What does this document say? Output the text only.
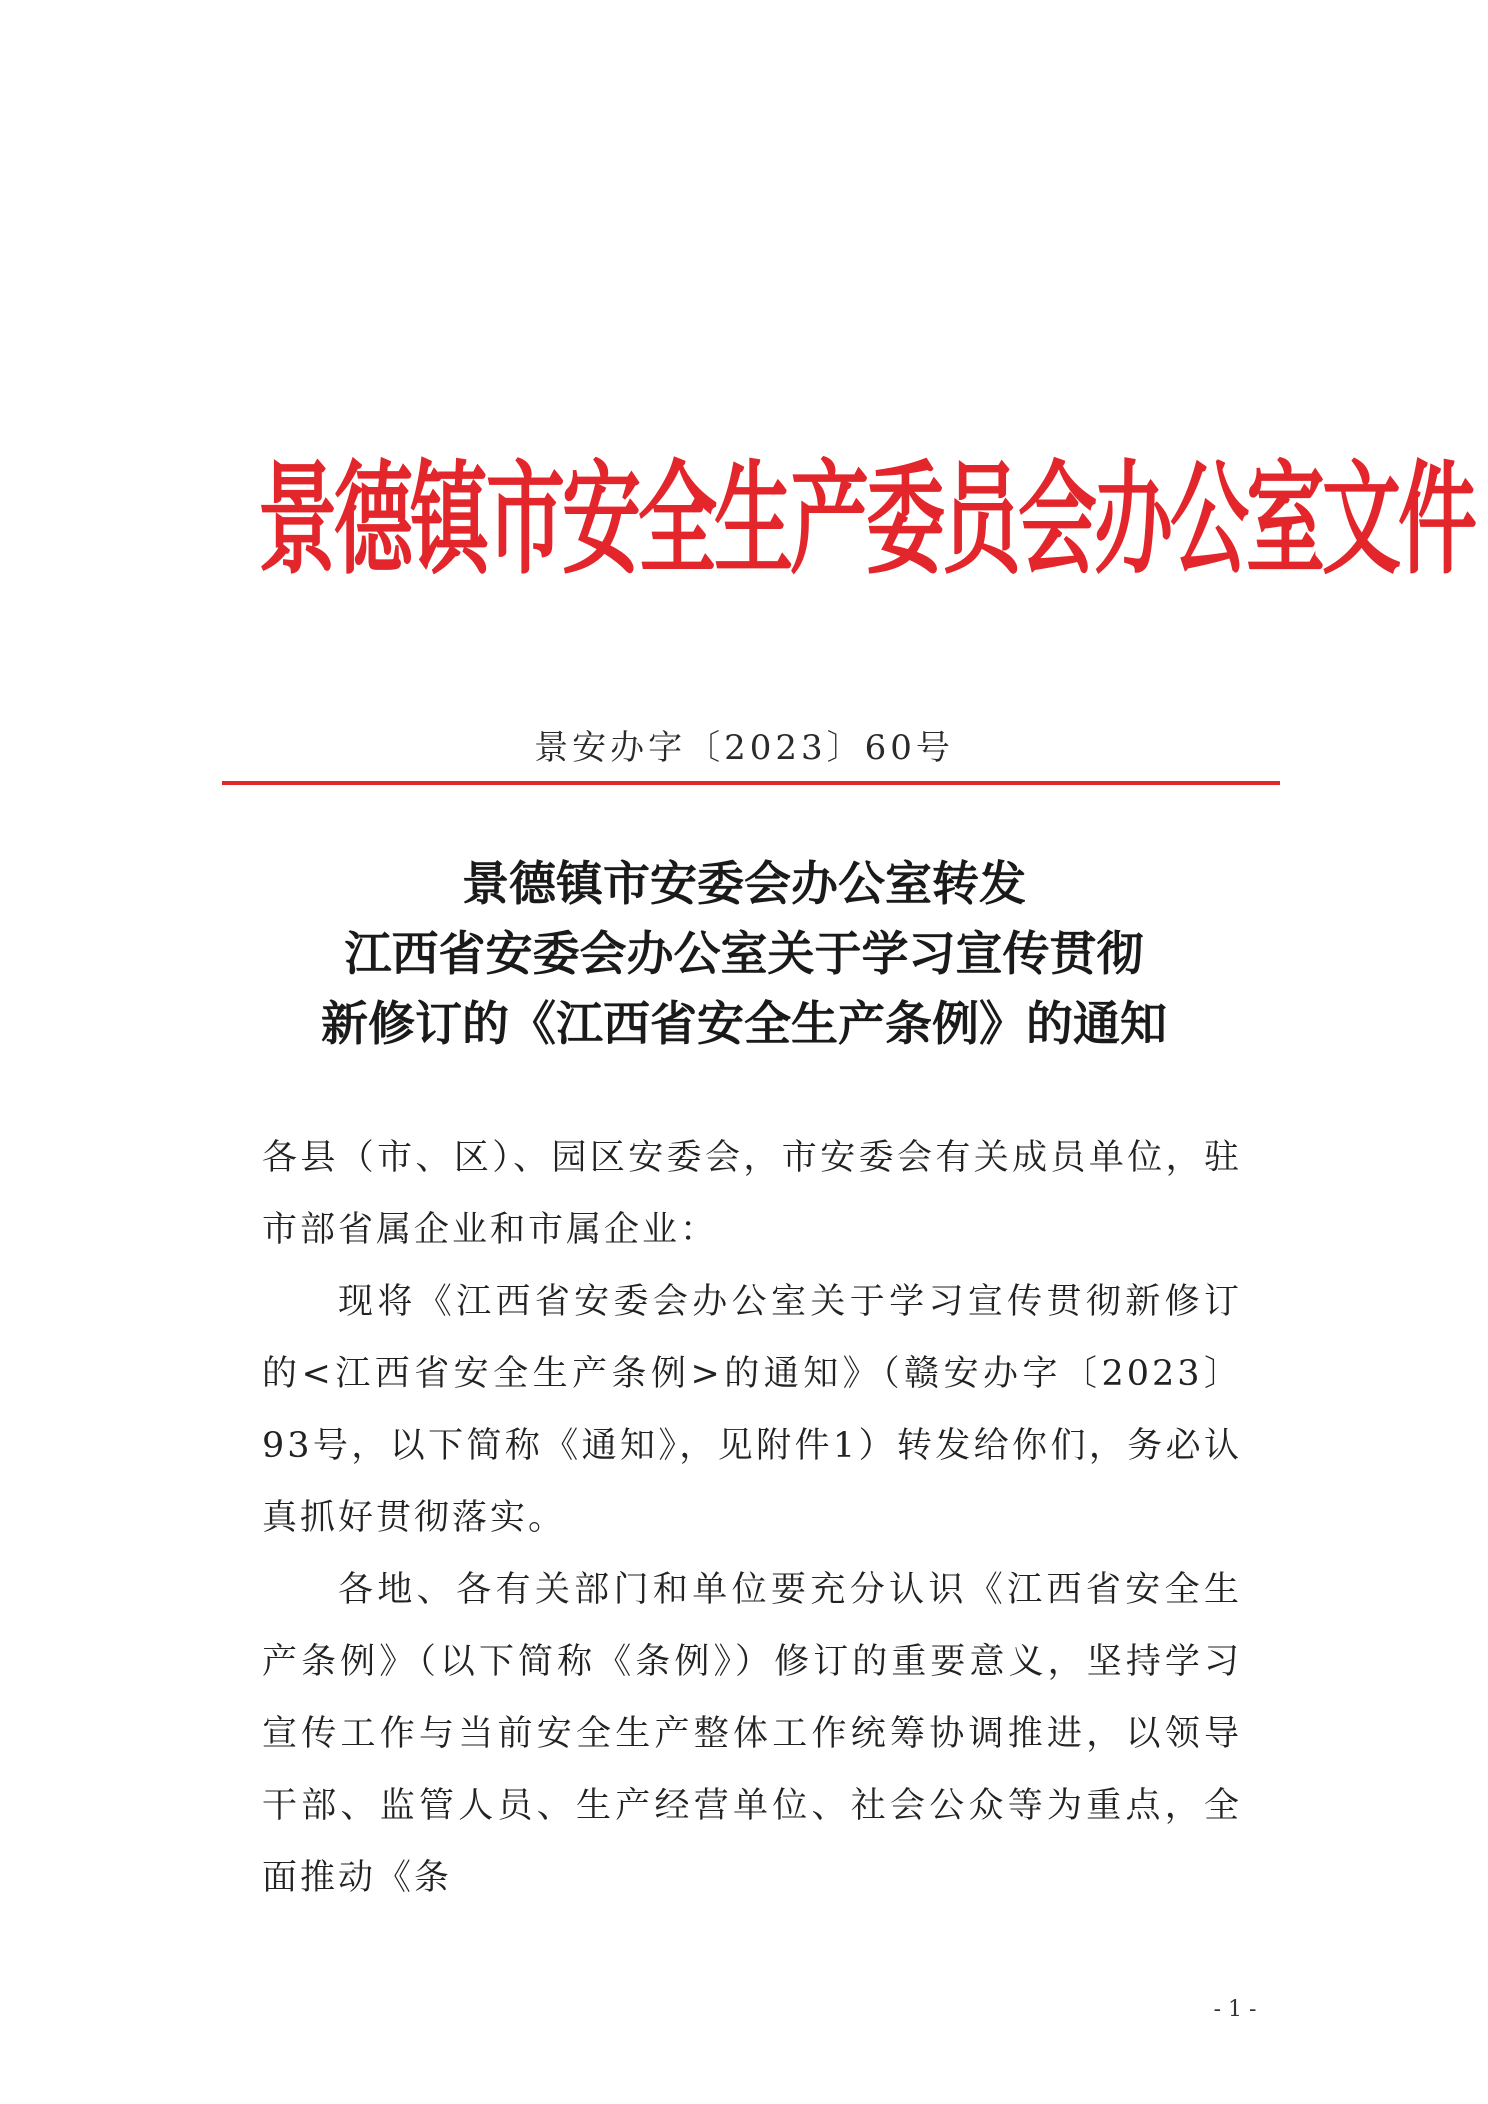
景德镇市安全生产委员会办公室文件
景安办字〔2023〕60号
景德镇市安委会办公室转发
江西省安委会办公室关于学习宣传贯彻
新修订的《江西省安全生产条例》的通知

各县（市、区）、园区安委会，市安委会有关成员单位，驻市部省属企业和市属企业：

现将《江西省安委会办公室关于学习宣传贯彻新修订的<江西省安全生产条例>的通知》（赣安办字〔2023〕93号，以下简称《通知》，见附件1）转发给你们，务必认真抓好贯彻落实。

各地、各有关部门和单位要充分认识《江西省安全生产条例》（以下简称《条例》）修订的重要意义，坚持学习宣传工作与当前安全生产整体工作统筹协调推进，以领导干部、监管人员、生产经营单位、社会公众等为重点，全面推动《条

- 1 -
